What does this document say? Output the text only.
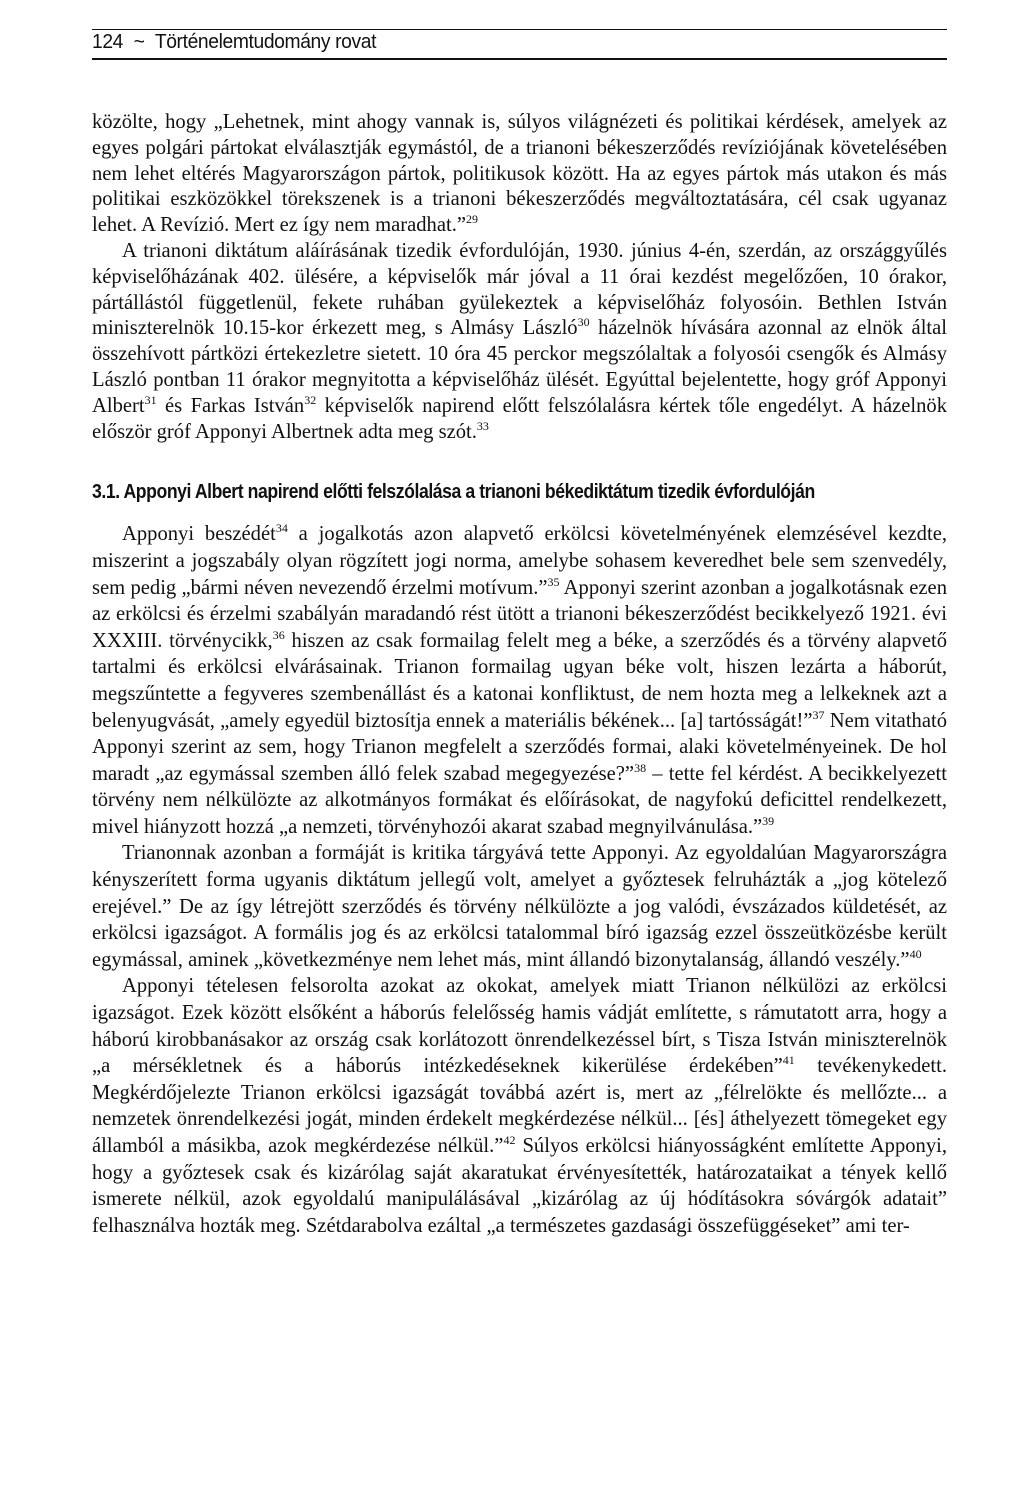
124 ~ Történelemtudomány rovat

közölte, hogy „Lehetnek, mint ahogy vannak is, súlyos világnézeti és politikai kérdések, amelyek az egyes polgári pártokat elválasztják egymástól, de a trianoni békeszerződés revíziójának követelésében nem lehet eltérés Magyarországon pártok, politikusok között. Ha az egyes pártok más utakon és más politikai eszközökkel törekszenek is a trianoni békeszerződés megváltoztatására, cél csak ugyanaz lehet. A Revízió. Mert ez így nem maradhat.”$^{29}$

A trianoni diktátum aláírásának tizedik évfordulóján, 1930. június 4-én, szerdán, az országgyűlés képviselőházának 402. ülésére, a képviselők már jóval a 11 órai kezdést megelőzően, 10 órakor, pártállástól függetlenül, fekete ruhában gyülekeztek a képviselőház folyosóin. Bethlen István miniszterelnök 10.15-kor érkezett meg, s Almásy László$^{30}$ házelnök hívására azonnal az elnök által összehívott pártközi értekezletre sietett. 10 óra 45 perckor megszólaltak a folyosói csengők és Almásy László pontban 11 órakor megnyitotta a képviselőház ülését. Egyúttal bejelentette, hogy gróf Apponyi Albert$^{31}$ és Farkas István$^{32}$ képviselők napirend előtt felszólalásra kértek tőle engedélyt. A házelnök először gróf Apponyi Albertnek adta meg szót.$^{33}$

3.1. Apponyi Albert napirend előtti felszólalása a trianoni békediktátum tizedik évfordulóján

Apponyi beszédét$^{34}$ a jogalkotás azon alapvető erkölcsi követelményének elemzésével kezdte, miszerint a jogszabály olyan rögzített jogi norma, amelybe sohasem keveredhet bele sem szenvedély, sem pedig „bármi néven nevezendő érzelmi motívum.”$^{35}$ Apponyi szerint azonban a jogalkotásnak ezen az erkölcsi és érzelmi szabályán maradandó rést ütött a trianoni békeszerződést becikkelyező 1921. évi XXXIII. törvénycikk,$^{36}$ hiszen az csak formailag felelt meg a béke, a szerződés és a törvény alapvető tartalmi és erkölcsi elvárásainak. Trianon formailag ugyan béke volt, hiszen lezárta a háborút, megszűntette a fegyveres szembenállást és a katonai konfliktust, de nem hozta meg a lelkeknek azt a belenyugvását, „amely egyedül biztosítja ennek a materiális békének... [a] tartósságát!”$^{37}$ Nem vitatható Apponyi szerint az sem, hogy Trianon megfelelt a szerződés formai, alaki követelményeinek. De hol maradt „az egymással szemben álló felek szabad megegyezése?”$^{38}$ – tette fel kérdést. A becikkelyezett törvény nem nélkülözte az alkotmányos formákat és előírásokat, de nagyfokú deficittel rendelkezett, mivel hiányzott hozzá „a nemzeti, törvényhozói akarat szabad megnyilvánulása.”$^{39}$

Trianonnak azonban a formáját is kritika tárgyává tette Apponyi. Az egyoldalúan Magyarországra kényszerített forma ugyanis diktátum jellegű volt, amelyet a győztesek felruházták a „jog kötelező erejével.” De az így létrejött szerződés és törvény nélkülözte a jog valódi, évszázados küldetését, az erkölcsi igazságot. A formális jog és az erkölcsi tatalommal bíró igazság ezzel összeütközésbe került egymással, aminek „következménye nem lehet más, mint állandó bizonytalanság, állandó veszély.”$^{40}$

Apponyi tételesen felsorolta azokat az okokat, amelyek miatt Trianon nélkülözi az erkölcsi igazságot. Ezek között elsőként a háborús felelősség hamis vádját említette, s rámutatott arra, hogy a háború kirobbanásakor az ország csak korlátozott önrendelkezéssel bírt, s Tisza István miniszterelnök „a mérsékletnek és a háborús intézkedéseknek kikerülése érdekében”$^{41}$ tevékenykedett. Megkérdőjelezte Trianon erkölcsi igazságát továbbá azért is, mert az „félrelökte és mellőzte... a nemzetek önrendelkezési jogát, minden érdekelt megkérdezése nélkül... [és] áthelyezett tömegeket egy államból a másikba, azok megkérdezése nélkül.”$^{42}$ Súlyos erkölcsi hiányosságként említette Apponyi, hogy a győztesek csak és kizárólag saját akaratukat érvényesítették, határozataikat a tények kellő ismerete nélkül, azok egyoldalú manipulálásával „kizárólag az új hódításokra sóvárgók adatait” felhasználva hozták meg. Szétdarabolva ezáltal „a természetes gazdasági összefüggéseket” ami ter-
